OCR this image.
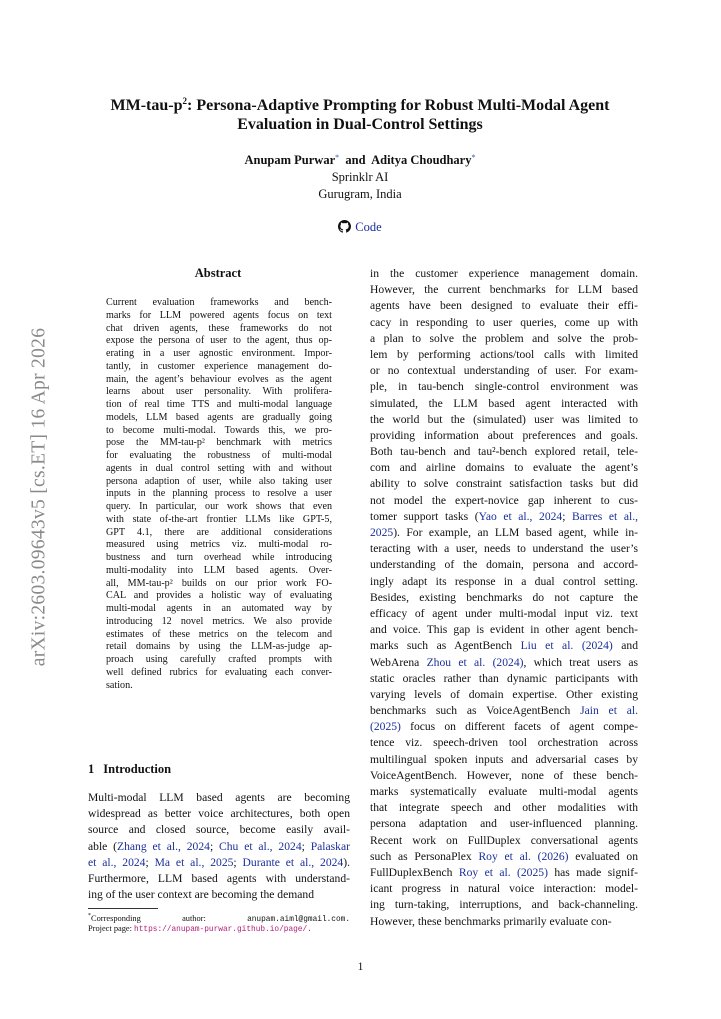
arXiv:2603.09643v5 [cs.ET] 16 Apr 2026
$MM-tau-p^2$: Persona-Adaptive Prompting for Robust Multi-Modal Agent
Evaluation in Dual-Control Settings
Anupam Purwar* and Aditya Choudhary*
Sprinklr AI
Gurugram, India
Code
Abstract
Current evaluation frameworks and bench-
marks for LLM powered agents focus on text
chat driven agents, these frameworks do not
expose the persona of user to the agent, thus op-
erating in a user agnostic environment. Impor-
tantly, in customer experience management do-
main, the agent’s behaviour evolves as the agent
learns about user personality. With prolifera-
tion of real time TTS and multi-modal language
models, LLM based agents are gradually going
to become multi-modal. Towards this, we pro-
pose the MM-tau-p² benchmark with metrics
for evaluating the robustness of multi-modal
agents in dual control setting with and without
persona adaption of user, while also taking user
inputs in the planning process to resolve a user
query. In particular, our work shows that even
with state of-the-art frontier LLMs like GPT-5,
GPT 4.1, there are additional considerations
measured using metrics viz. multi-modal ro-
bustness and turn overhead while introducing
multi-modality into LLM based agents. Over-
all, MM-tau-p² builds on our prior work FO-
CAL and provides a holistic way of evaluating
multi-modal agents in an automated way by
introducing 12 novel metrics. We also provide
estimates of these metrics on the telecom and
retail domains by using the LLM-as-judge ap-
proach using carefully crafted prompts with
well defined rubrics for evaluating each conver-
sation.
1 Introduction
Multi-modal LLM based agents are becoming
widespread as better voice architectures, both open
source and closed source, become easily avail-
able (Zhang et al., 2024; Chu et al., 2024; Palaskar
et al., 2024; Ma et al., 2025; Durante et al., 2024).
Furthermore, LLM based agents with understand-
ing of the user context are becoming the demand
*Corresponding	author:	anupam.aiml@gmail.com.
Project page: https://anupam-purwar.github.io/page/.
in the customer experience management domain.
However, the current benchmarks for LLM based
agents have been designed to evaluate their effi-
cacy in responding to user queries, come up with
a plan to solve the problem and solve the prob-
lem by performing actions/tool calls with limited
or no contextual understanding of user. For exam-
ple, in tau-bench single-control environment was
simulated, the LLM based agent interacted with
the world but the (simulated) user was limited to
providing information about preferences and goals.
Both tau-bench and tau²-bench explored retail, tele-
com and airline domains to evaluate the agent’s
ability to solve constraint satisfaction tasks but did
not model the expert-novice gap inherent to cus-
tomer support tasks (Yao et al., 2024; Barres et al.,
2025). For example, an LLM based agent, while in-
teracting with a user, needs to understand the user’s
understanding of the domain, persona and accord-
ingly adapt its response in a dual control setting.
Besides, existing benchmarks do not capture the
efficacy of agent under multi-modal input viz. text
and voice. This gap is evident in other agent bench-
marks such as AgentBench Liu et al. (2024) and
WebArena Zhou et al. (2024), which treat users as
static oracles rather than dynamic participants with
varying levels of domain expertise. Other existing
benchmarks such as VoiceAgentBench Jain et al.
(2025) focus on different facets of agent compe-
tence viz. speech-driven tool orchestration across
multilingual spoken inputs and adversarial cases by
VoiceAgentBench. However, none of these bench-
marks systematically evaluate multi-modal agents
that integrate speech and other modalities with
persona adaptation and user-influenced planning.
Recent work on FullDuplex conversational agents
such as PersonaPlex Roy et al. (2026) evaluated on
FullDuplexBench Roy et al. (2025) has made signif-
icant progress in natural voice interaction: model-
ing turn-taking, interruptions, and back-channeling.
However, these benchmarks primarily evaluate con-
1
